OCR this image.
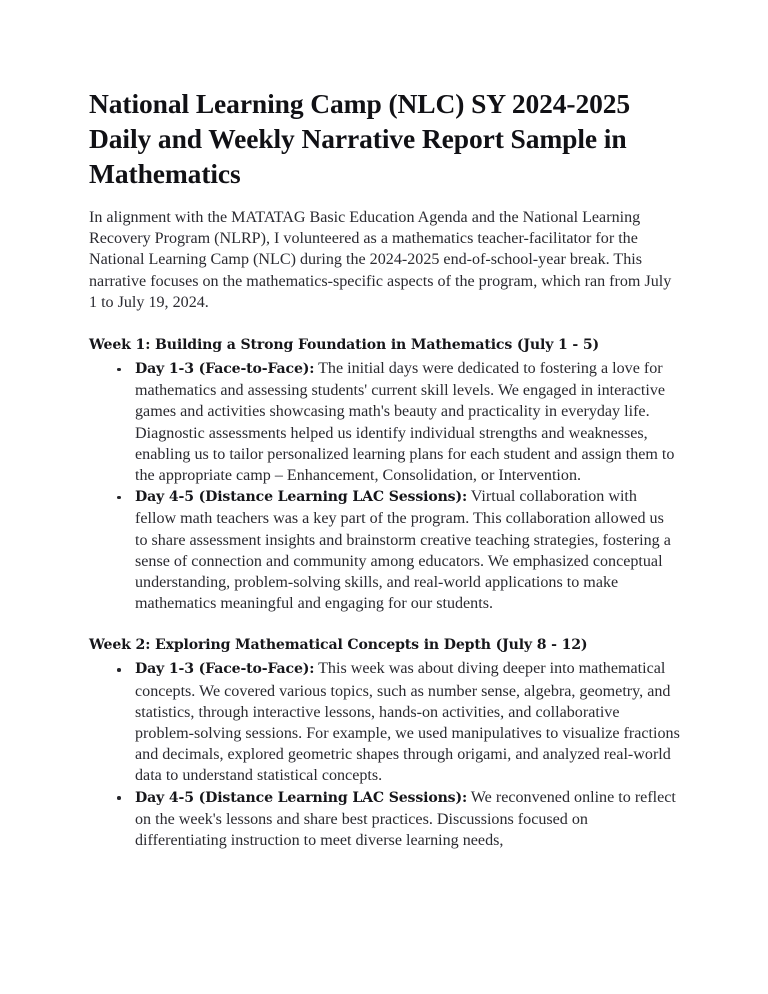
National Learning Camp (NLC) SY 2024-2025 Daily and Weekly Narrative Report Sample in Mathematics

In alignment with the MATATAG Basic Education Agenda and the National Learning Recovery Program (NLRP), I volunteered as a mathematics teacher-facilitator for the National Learning Camp (NLC) during the 2024-2025 end-of-school-year break. This narrative focuses on the mathematics-specific aspects of the program, which ran from July 1 to July 19, 2024.

Week 1: Building a Strong Foundation in Mathematics (July 1 - 5)
Day 1-3 (Face-to-Face): The initial days were dedicated to fostering a love for mathematics and assessing students' current skill levels. We engaged in interactive games and activities showcasing math's beauty and practicality in everyday life. Diagnostic assessments helped us identify individual strengths and weaknesses, enabling us to tailor personalized learning plans for each student and assign them to the appropriate camp – Enhancement, Consolidation, or Intervention.
Day 4-5 (Distance Learning LAC Sessions): Virtual collaboration with fellow math teachers was a key part of the program. This collaboration allowed us to share assessment insights and brainstorm creative teaching strategies, fostering a sense of connection and community among educators. We emphasized conceptual understanding, problem-solving skills, and real-world applications to make mathematics meaningful and engaging for our students.
Week 2: Exploring Mathematical Concepts in Depth (July 8 - 12)
Day 1-3 (Face-to-Face): This week was about diving deeper into mathematical concepts. We covered various topics, such as number sense, algebra, geometry, and statistics, through interactive lessons, hands-on activities, and collaborative problem-solving sessions. For example, we used manipulatives to visualize fractions and decimals, explored geometric shapes through origami, and analyzed real-world data to understand statistical concepts.
Day 4-5 (Distance Learning LAC Sessions): We reconvened online to reflect on the week's lessons and share best practices. Discussions focused on differentiating instruction to meet diverse learning needs,
